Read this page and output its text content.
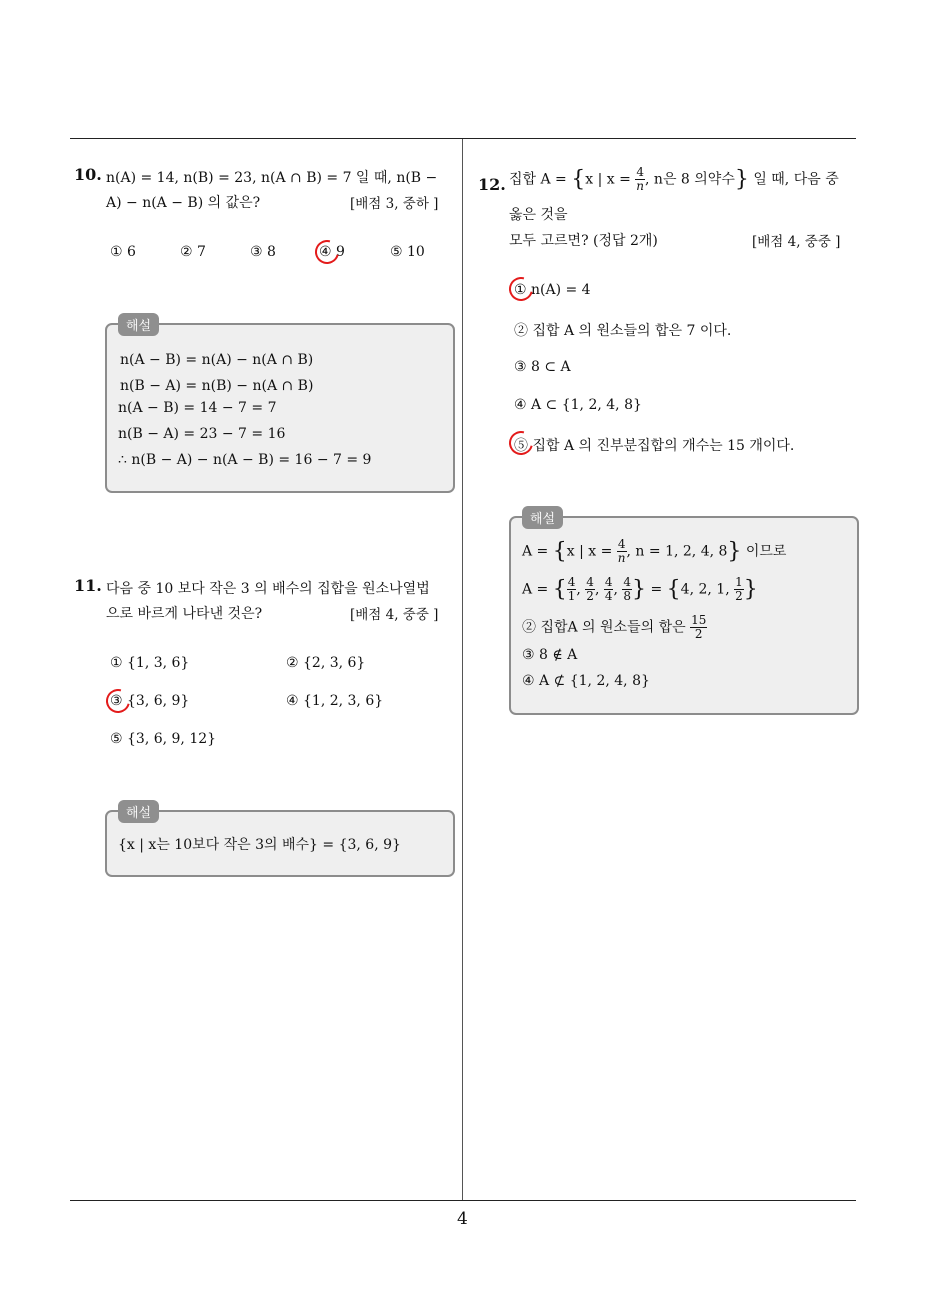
10. n(A) = 14, n(B) = 23, n(A ∩ B) = 7 일 때, n(B −
A) − n(A − B) 의 값은?	[배점 3, 중하 ]
① 6	② 7	③ 8	④ 9	⑤ 10
해설
n(A − B) = n(A) − n(A ∩ B)
n(B − A) = n(B) − n(A ∩ B)
n(A − B) = 14 − 7 = 7
n(B − A) = 23 − 7 = 16
∴ n(B − A) − n(A − B) = 16 − 7 = 9
11. 다음 중 10 보다 작은 3 의 배수의 집합을 원소나열법
으로 바르게 나타낸 것은?	[배점 4, 중중 ]
① {1, 3, 6}	② {2, 3, 6}
③ {3, 6, 9}	④ {1, 2, 3, 6}
⑤ {3, 6, 9, 12}
해설
{x | x는 10보다 작은 3의 배수} = {3, 6, 9}
12. 집합 A = {x | $x = \frac{4}{n}$ , n은 8 의약수} 일 때, 다음 중
옳은 것을
모두 고르면? (정답 2개)	[배점 4, 중중 ]
① n(A) = 4
② 집합 A 의 원소들의 합은 7 이다.
③ 8 ⊂ A
④ A ⊂ {1, 2, 4, 8}
⑤ 집합 A 의 진부분집합의 개수는 15 개이다.
해설
A = {x | $x = \frac{4}{n}$ , n = 1, 2, 4, 8} 이므로
A = { $\frac{4}{1}$ , $\frac{4}{2}$ , $\frac{4}{4}$ , $\frac{4}{8}$ } = {4, 2, 1, $\frac{1}{2}$ }
② 집합A 의 원소들의 합은 $\frac{15}{2}$
③ 8 ∉ A
④ A ⊄ {1, 2, 4, 8}
4
